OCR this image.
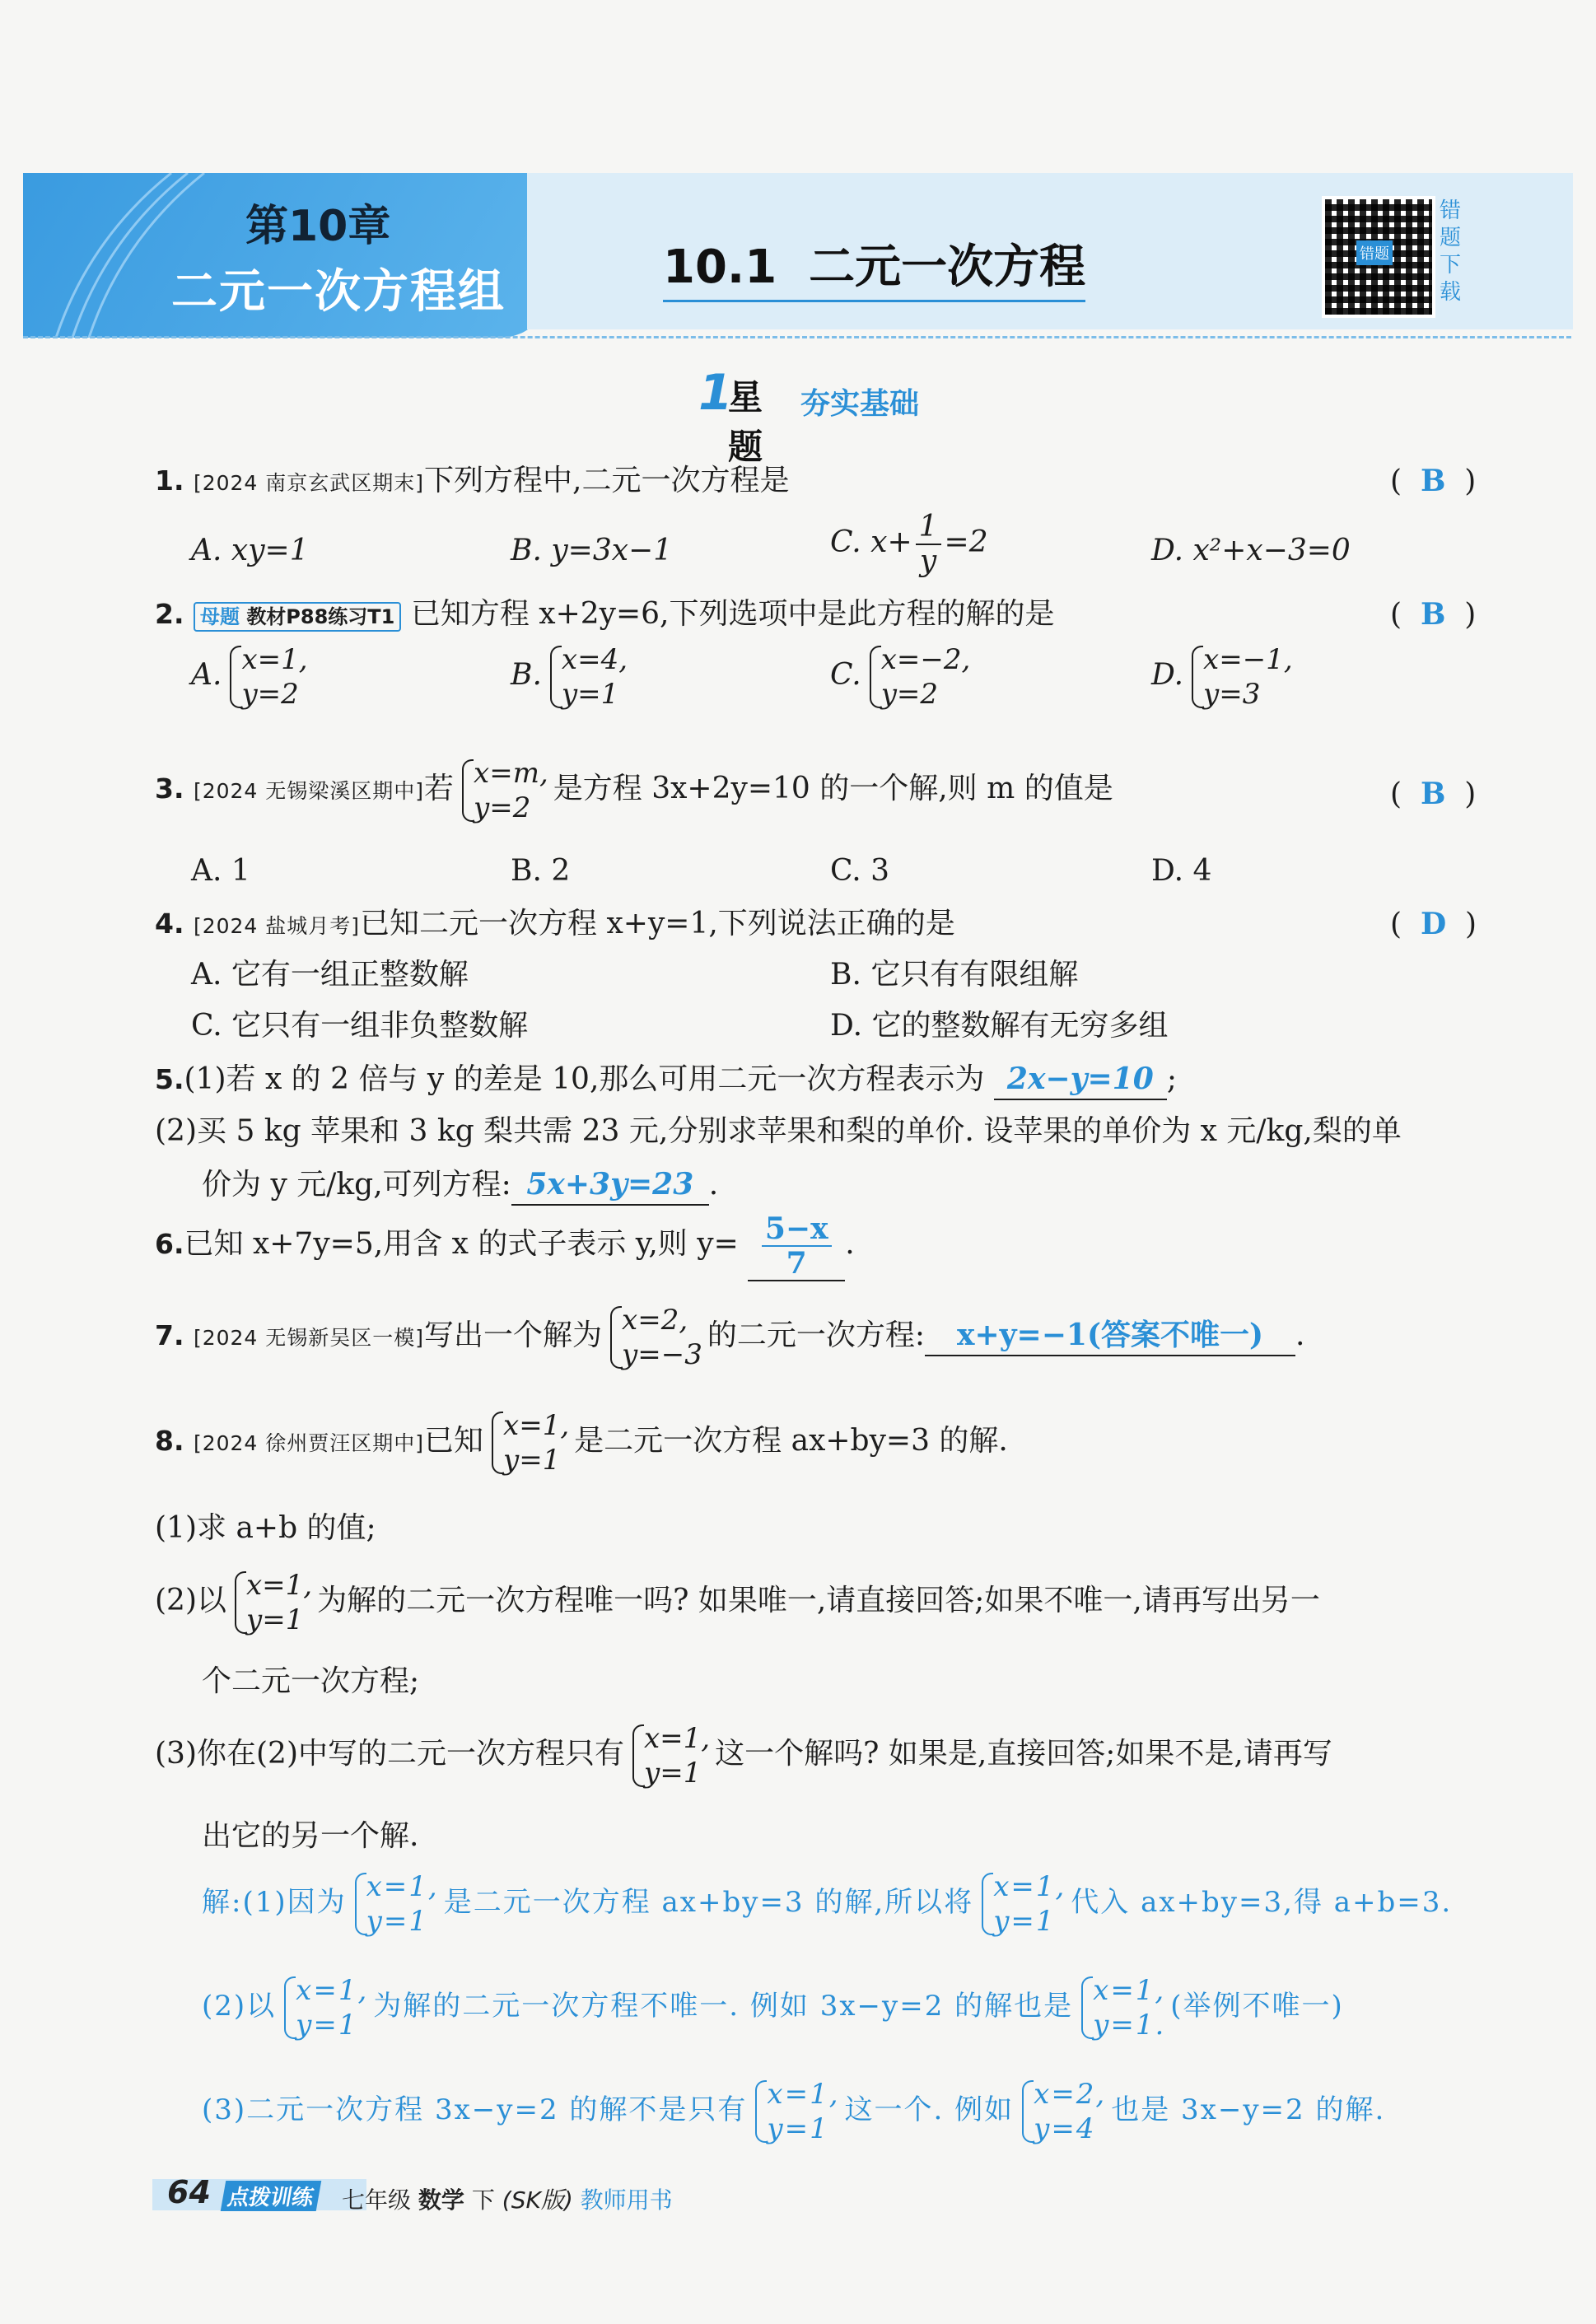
第10章
二元一次方程组	10.1  二元一次方程	错题
错题下载
1
星题
夯实基础
1. [2024 南京玄武区期末]下列方程中,二元一次方程是	(  B  )
A. xy=1	B. y=3x−1	C. $x+ \frac{1}{y} =2$	D. x²+x−3=0
2. 母题 教材P88练习T1 已知方程 x+2y=6,下列选项中是此方程的解的是	(  B  )
A. x=1,
y=2
B. x=4,
y=1
C. x=−2,
y=2
D. x=−1,
y=3
3. [2024 无锡梁溪区期中]若 x=m,
y=2
是方程 3x+2y=10 的一个解,则 m 的值是	(  B  )
A. 1	B. 2	C. 3	D. 4
4. [2024 盐城月考]已知二元一次方程 x+y=1,下列说法正确的是	(  D  )
A. 它有一组正整数解	B. 它只有有限组解
C. 它只有一组非负整数解	D. 它的整数解有无穷多组
5.(1)若 x 的 2 倍与 y 的差是 10,那么可用二元一次方程表示为 2x−y=10 ;
(2)买 5 kg 苹果和 3 kg 梨共需 23 元,分别求苹果和梨的单价. 设苹果的单价为 x 元/kg,梨的单
价为 y 元/kg,可列方程: 5x+3y=23 .
6.已知 x+7y=5,用含 x 的式子表示 y,则 $y= \frac{5-x}{7}$ .
7. [2024 无锡新吴区一模]写出一个解为 x=2,
y=−3
的二元一次方程: x+y=−1(答案不唯一) .
8. [2024 徐州贾汪区期中]已知 x=1,
y=1
是二元一次方程 ax+by=3 的解.
(1)求 a+b 的值;
(2)以 x=1,
y=1
为解的二元一次方程唯一吗? 如果唯一,请直接回答;如果不唯一,请再写出另一
个二元一次方程;
(3)你在(2)中写的二元一次方程只有 x=1,
y=1
这一个解吗? 如果是,直接回答;如果不是,请再写
出它的另一个解.
解:(1)因为 x=1,
y=1
是二元一次方程 ax+by=3 的解,所以将 x=1,
y=1
代入 ax+by=3,得 a+b=3.
(2)以 x=1,
y=1
为解的二元一次方程不唯一. 例如 3x−y=2 的解也是 x=1,
y=1.
(举例不唯一)
(3)二元一次方程 3x−y=2 的解不是只有 x=1,
y=1
这一个. 例如 x=2,
y=4
也是 3x−y=2 的解.
64 点拨训练 七年级 数学 下 (SK版) 教师用书
